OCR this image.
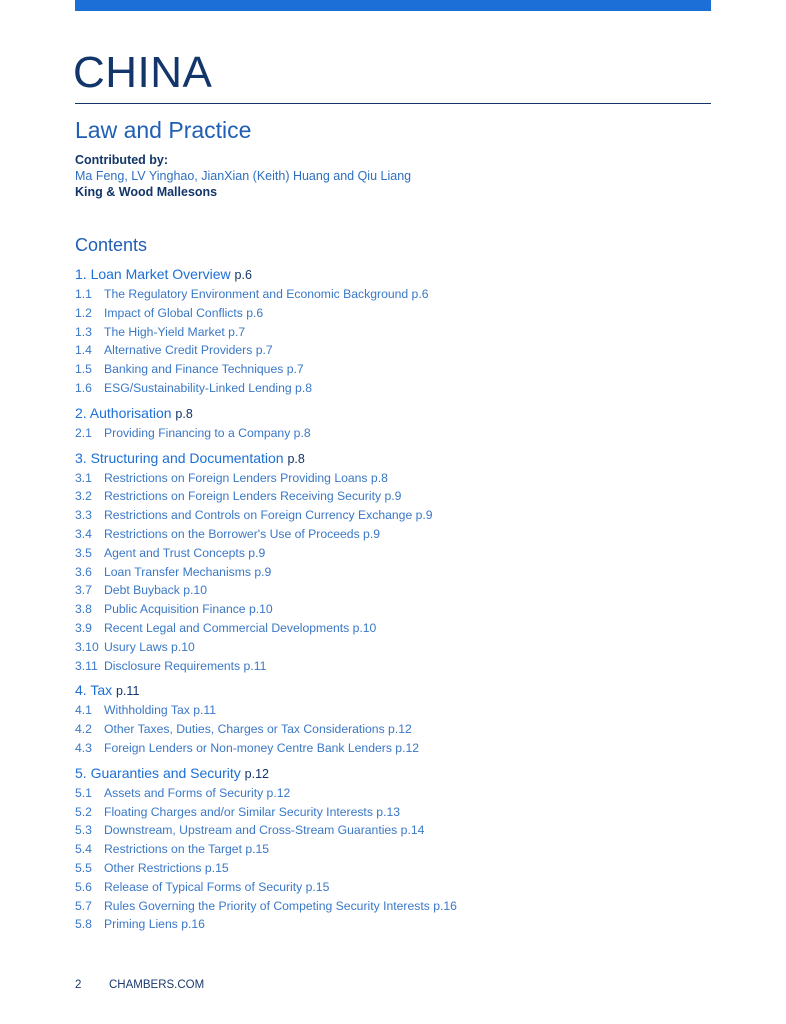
CHINA
Law and Practice
Contributed by:
Ma Feng, LV Yinghao, JianXian (Keith) Huang and Qiu Liang
King & Wood Mallesons
Contents
1. Loan Market Overview p.6
1.1 The Regulatory Environment and Economic Background p.6
1.2 Impact of Global Conflicts p.6
1.3 The High-Yield Market p.7
1.4 Alternative Credit Providers p.7
1.5 Banking and Finance Techniques p.7
1.6 ESG/Sustainability-Linked Lending p.8
2. Authorisation p.8
2.1 Providing Financing to a Company p.8
3. Structuring and Documentation p.8
3.1 Restrictions on Foreign Lenders Providing Loans p.8
3.2 Restrictions on Foreign Lenders Receiving Security p.9
3.3 Restrictions and Controls on Foreign Currency Exchange p.9
3.4 Restrictions on the Borrower's Use of Proceeds p.9
3.5 Agent and Trust Concepts p.9
3.6 Loan Transfer Mechanisms p.9
3.7 Debt Buyback p.10
3.8 Public Acquisition Finance p.10
3.9 Recent Legal and Commercial Developments p.10
3.10 Usury Laws p.10
3.11 Disclosure Requirements p.11
4. Tax p.11
4.1 Withholding Tax p.11
4.2 Other Taxes, Duties, Charges or Tax Considerations p.12
4.3 Foreign Lenders or Non-money Centre Bank Lenders p.12
5. Guaranties and Security p.12
5.1 Assets and Forms of Security p.12
5.2 Floating Charges and/or Similar Security Interests p.13
5.3 Downstream, Upstream and Cross-Stream Guaranties p.14
5.4 Restrictions on the Target p.15
5.5 Other Restrictions p.15
5.6 Release of Typical Forms of Security p.15
5.7 Rules Governing the Priority of Competing Security Interests p.16
5.8 Priming Liens p.16
2 CHAMBERS.COM
